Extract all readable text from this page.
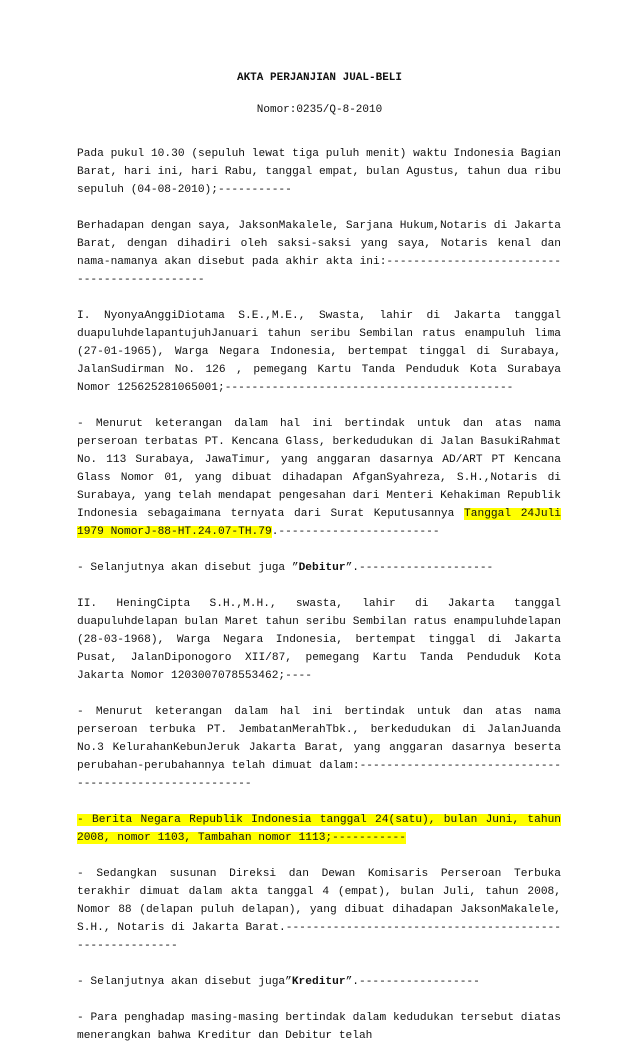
AKTA PERJANJIAN JUAL-BELI
Nomor:0235/Q-8-2010

Pada pukul 10.30 (sepuluh lewat tiga puluh menit) waktu Indonesia Bagian Barat, hari ini, hari Rabu, tanggal empat, bulan Agustus, tahun dua ribu sepuluh (04-08-2010);-----------

Berhadapan dengan saya, JaksonMakalele, Sarjana Hukum,Notaris di Jakarta Barat, dengan dihadiri oleh saksi-saksi yang saya, Notaris kenal dan nama-namanya akan disebut pada akhir akta ini:---------------------------------------------

I. NyonyaAnggiDiotama S.E.,M.E., Swasta, lahir di Jakarta tanggal duapuluhdelapantujuhJanuari tahun seribu Sembilan ratus enampuluh lima (27-01-1965), Warga Negara Indonesia, bertempat tinggal di Surabaya, JalanSudirman No. 126 , pemegang Kartu Tanda Penduduk Kota Surabaya Nomor 125625281065001;-------------------------------------------

- Menurut keterangan dalam hal ini bertindak untuk dan atas nama perseroan terbatas PT. Kencana Glass, berkedudukan di Jalan BasukiRahmat No. 113 Surabaya, JawaTimur, yang anggaran dasarnya AD/ART PT Kencana Glass Nomor 01, yang dibuat dihadapan AfganSyahreza, S.H.,Notaris di Surabaya, yang telah mendapat pengesahan dari Menteri Kehakiman Republik Indonesia sebagaimana ternyata dari Surat Keputusannya Tanggal 24Juli 1979 NomorJ-88-HT.24.07-TH.79.------------------------

- Selanjutnya akan disebut juga ”Debitur”.--------------------

II. HeningCipta S.H.,M.H., swasta, lahir di Jakarta tanggal duapuluhdelapan bulan Maret tahun seribu Sembilan ratus enampuluhdelapan (28-03-1968), Warga Negara Indonesia, bertempat tinggal di Jakarta Pusat, JalanDiponogoro XII/87, pemegang Kartu Tanda Penduduk Kota Jakarta Nomor 1203007078553462;----

- Menurut keterangan dalam hal ini bertindak untuk dan atas nama perseroan terbuka PT. JembatanMerahTbk., berkedudukan di JalanJuanda No.3 KelurahanKebunJeruk Jakarta Barat, yang anggaran dasarnya beserta perubahan-perubahannya telah dimuat dalam:--------------------------------------------------------

- Berita Negara Republik Indonesia tanggal 24(satu), bulan Juni, tahun 2008, nomor 1103, Tambahan nomor 1113;-----------

- Sedangkan susunan Direksi dan Dewan Komisaris Perseroan Terbuka terakhir dimuat dalam akta tanggal 4 (empat), bulan Juli, tahun 2008, Nomor 88 (delapan puluh delapan), yang dibuat dihadapan JaksonMakalele, S.H., Notaris di Jakarta Barat.--------------------------------------------------------

- Selanjutnya akan disebut juga”Kreditur”.------------------

- Para penghadap masing-masing bertindak dalam kedudukan tersebut diatas menerangkan bahwa Kreditur dan Debitur telah
